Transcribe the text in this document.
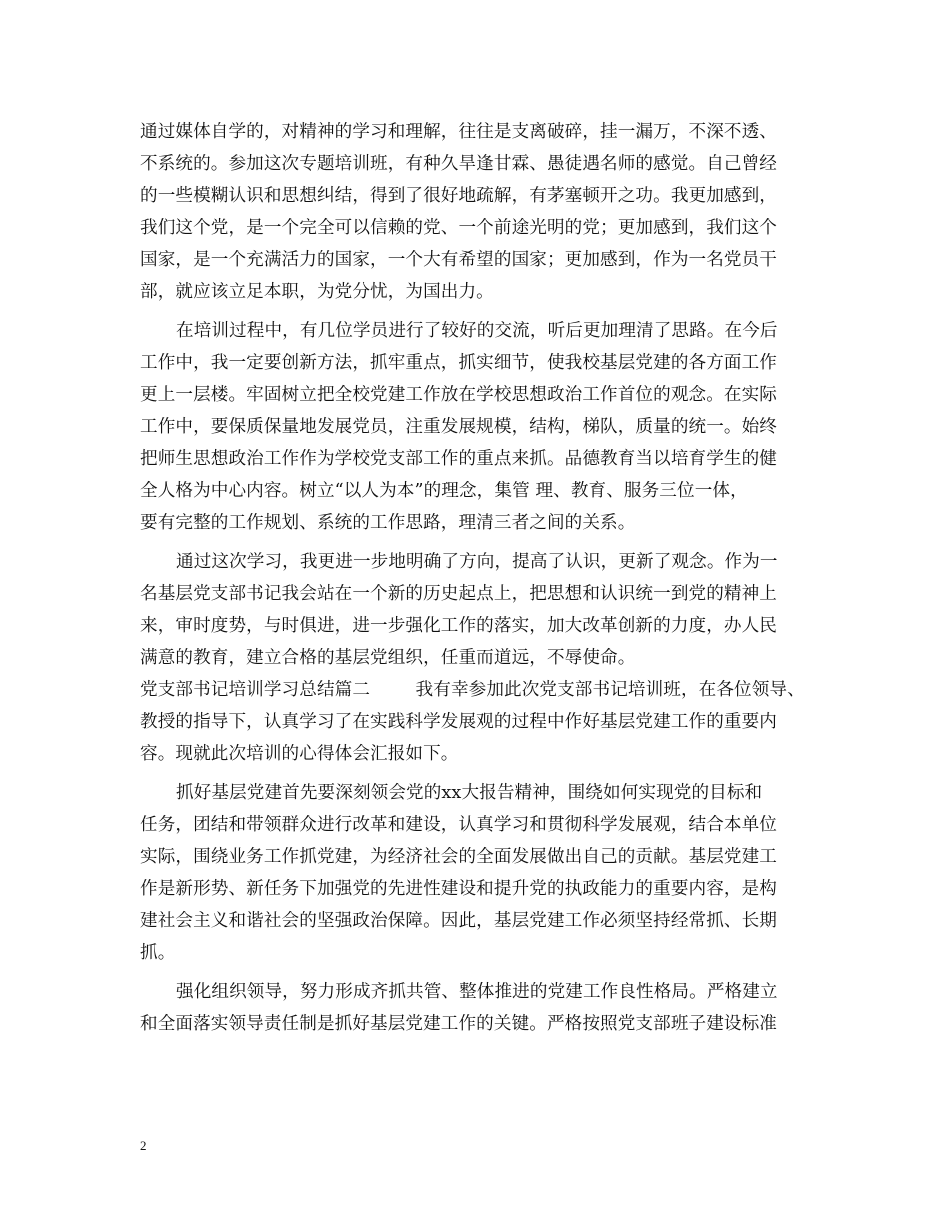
通过媒体自学的，对精神的学习和理解，往往是支离破碎，挂一漏万，不深不透、
不系统的。参加这次专题培训班，有种久旱逢甘霖、愚徒遇名师的感觉。自己曾经
的一些模糊认识和思想纠结，得到了很好地疏解，有茅塞顿开之功。我更加感到，
我们这个党，是一个完全可以信赖的党、一个前途光明的党；更加感到，我们这个
国家，是一个充满活力的国家，一个大有希望的国家；更加感到，作为一名党员干
部，就应该立足本职，为党分忧，为国出力。
在培训过程中，有几位学员进行了较好的交流，听后更加理清了思路。在今后
工作中，我一定要创新方法，抓牢重点，抓实细节，使我校基层党建的各方面工作
更上一层楼。牢固树立把全校党建工作放在学校思想政治工作首位的观念。在实际
工作中，要保质保量地发展党员，注重发展规模，结构，梯队，质量的统一。始终
把师生思想政治工作作为学校党支部工作的重点来抓。品德教育当以培育学生的健
全人格为中心内容。树立“以人为本”的理念，集管 理、教育、服务三位一体，
要有完整的工作规划、系统的工作思路，理清三者之间的关系。
通过这次学习，我更进一步地明确了方向，提高了认识，更新了观念。作为一
名基层党支部书记我会站在一个新的历史起点上，把思想和认识统一到党的精神上
来，审时度势，与时俱进，进一步强化工作的落实，加大改革创新的力度，办人民
满意的教育，建立合格的基层党组织，任重而道远，不辱使命。
党支部书记培训学习总结篇二        我有幸参加此次党支部书记培训班，在各位领导、
教授的指导下，认真学习了在实践科学发展观的过程中作好基层党建工作的重要内
容。现就此次培训的心得体会汇报如下。
抓好基层党建首先要深刻领会党的xx大报告精神，围绕如何实现党的目标和
任务，团结和带领群众进行改革和建设，认真学习和贯彻科学发展观，结合本单位
实际，围绕业务工作抓党建，为经济社会的全面发展做出自己的贡献。基层党建工
作是新形势、新任务下加强党的先进性建设和提升党的执政能力的重要内容，是构
建社会主义和谐社会的坚强政治保障。因此，基层党建工作必须坚持经常抓、长期
抓。
强化组织领导，努力形成齐抓共管、整体推进的党建工作良性格局。严格建立
和全面落实领导责任制是抓好基层党建工作的关键。严格按照党支部班子建设标准
2
